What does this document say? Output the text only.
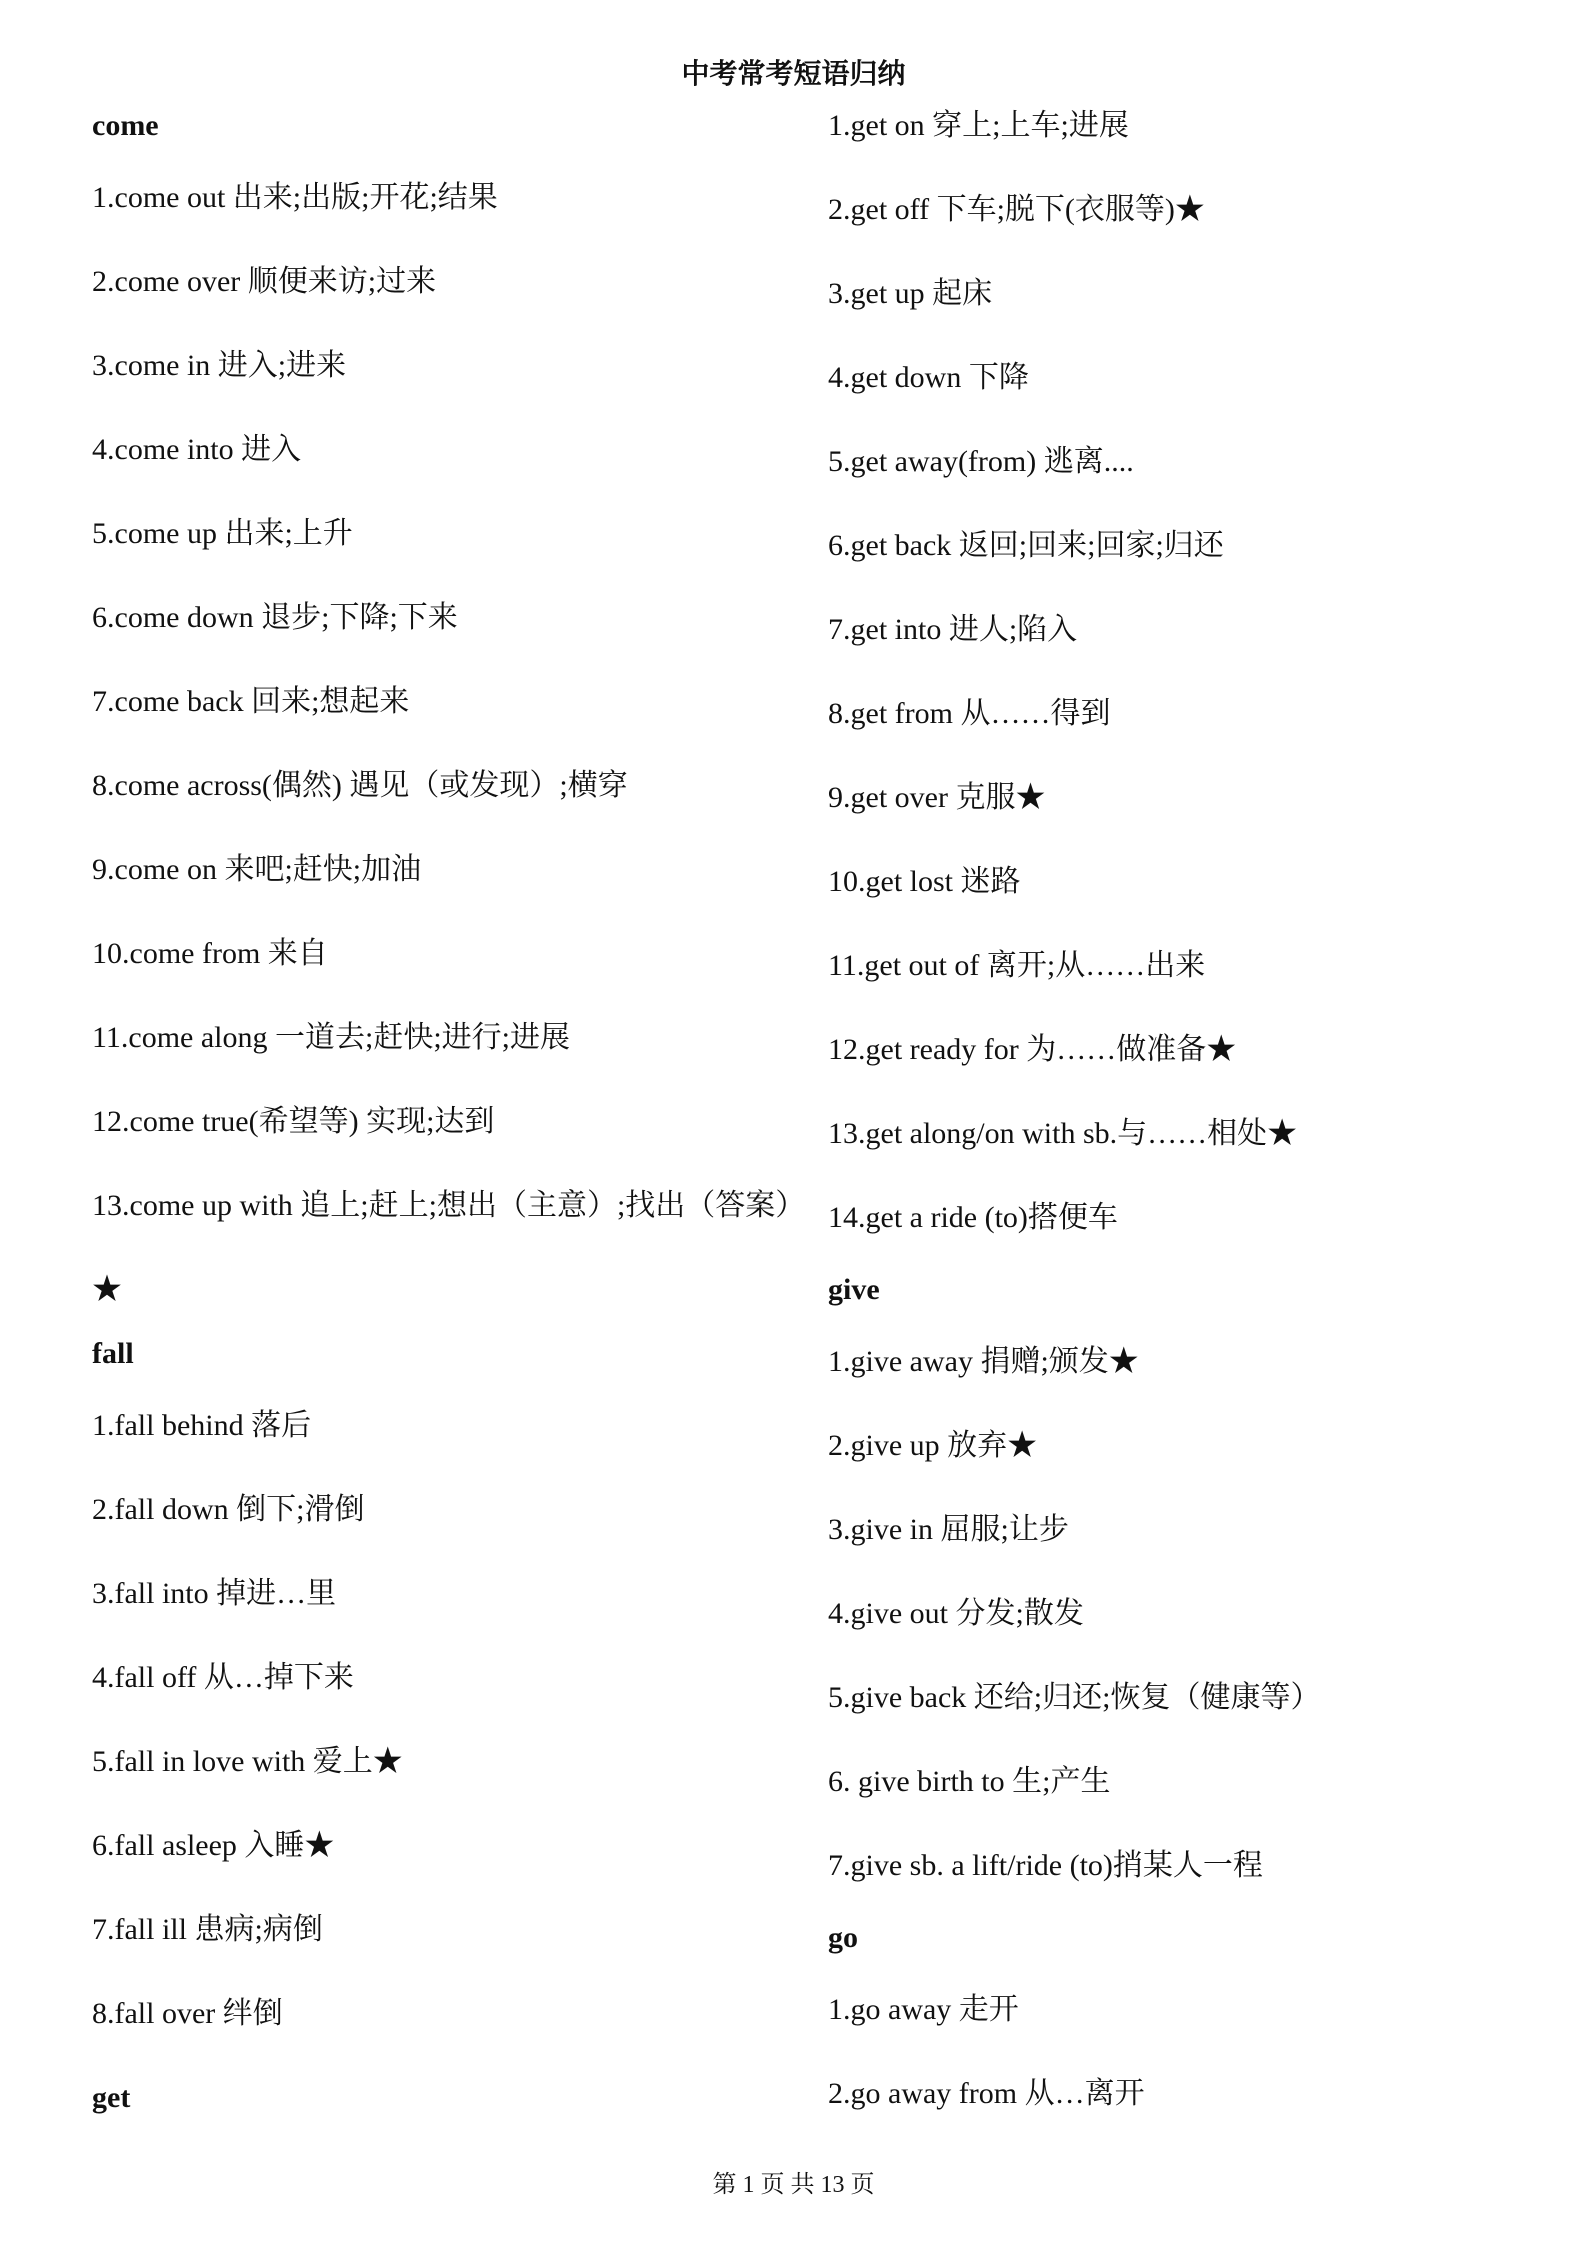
中考常考短语归纳
come
1.come out 出来;出版;开花;结果
2.come over 顺便来访;过来
3.come in 进入;进来
4.come into 进入
5.come up 出来;上升
6.come down 退步;下降;下来
7.come back 回来;想起来
8.come across(偶然) 遇见（或发现）;横穿
9.come on 来吧;赶快;加油
10.come from 来自
11.come along 一道去;赶快;进行;进展
12.come true(希望等) 实现;达到
13.come up with 追上;赶上;想出（主意）;找出（答案）★
fall
1.fall behind 落后
2.fall down 倒下;滑倒
3.fall into 掉进…里
4.fall off 从…掉下来
5.fall in love with 爱上★
6.fall asleep 入睡★
7.fall ill 患病;病倒
8.fall over 绊倒
get
1.get on 穿上;上车;进展
2.get off 下车;脱下(衣服等)★
3.get up 起床
4.get down 下降
5.get away(from) 逃离....
6.get back 返回;回来;回家;归还
7.get into 进人;陷入
8.get from 从……得到
9.get over 克服★
10.get lost 迷路
11.get out of 离开;从……出来
12.get ready for 为……做准备★
13.get along/on with sb.与……相处★
14.get a ride (to)搭便车
give
1.give away 捐赠;颁发★
2.give up 放弃★
3.give in 屈服;让步
4.give out 分发;散发
5.give back 还给;归还;恢复（健康等）
6. give birth to 生;产生
7.give sb. a lift/ride (to)捎某人一程
go
1.go away 走开
2.go away from 从…离开
第 1 页 共 13 页
